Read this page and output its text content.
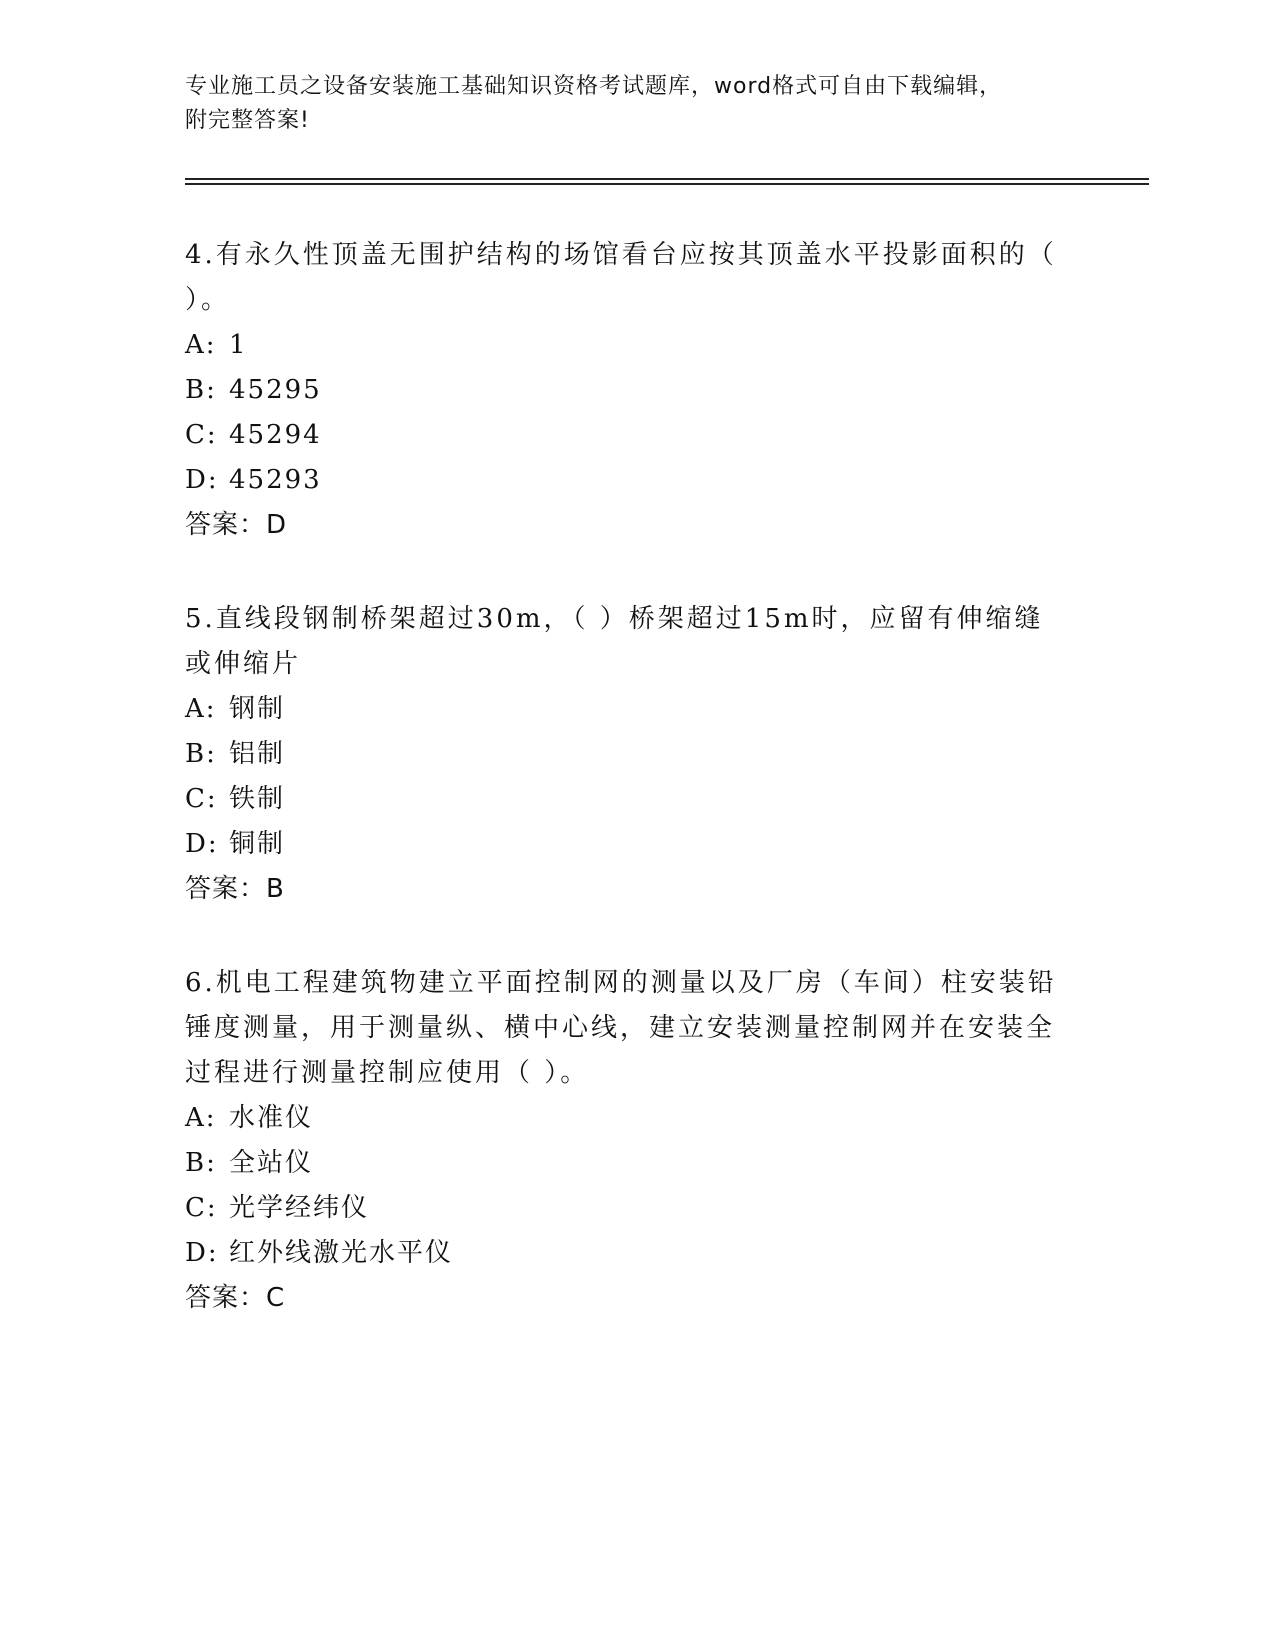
专业施工员之设备安装施工基础知识资格考试题库，word格式可自由下载编辑，
附完整答案!

4.有永久性顶盖无围护结构的场馆看台应按其顶盖水平投影面积的（ ）。

A: 1

B: 45295

C: 45294

D: 45293

答案：D

5.直线段钢制桥架超过30m，（ ）桥架超过15m时，应留有伸缩缝或伸缩片

A: 钢制

B: 铝制

C: 铁制

D: 铜制

答案：B

6.机电工程建筑物建立平面控制网的测量以及厂房（车间）柱安装铅锤度测量，用于测量纵、横中心线，建立安装测量控制网并在安装全过程进行测量控制应使用（ ）。

A: 水准仪

B: 全站仪

C: 光学经纬仪

D: 红外线激光水平仪

答案：C
